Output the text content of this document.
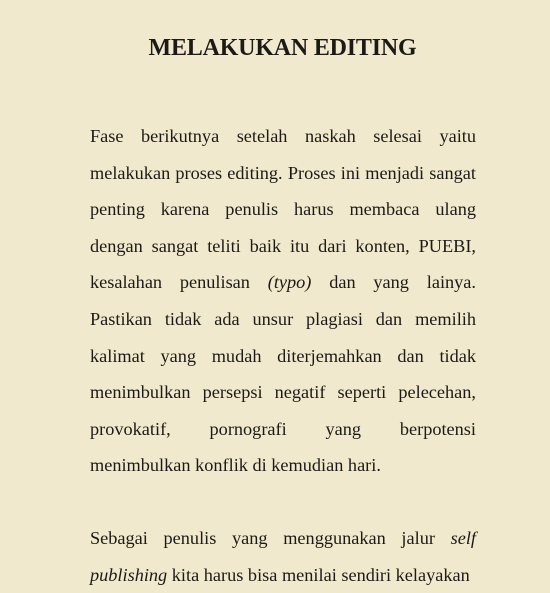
MELAKUKAN EDITING

Fase berikutnya setelah naskah selesai yaitu melakukan proses editing. Proses ini menjadi sangat penting karena penulis harus membaca ulang dengan sangat teliti baik itu dari konten, PUEBI, kesalahan penulisan (typo) dan yang lainya. Pastikan tidak ada unsur plagiasi dan memilih kalimat yang mudah diterjemahkan dan tidak menimbulkan persepsi negatif seperti pelecehan, provokatif, pornografi yang berpotensi menimbulkan konflik di kemudian hari.

Sebagai penulis yang menggunakan jalur self publishing kita harus bisa menilai sendiri kelayakan
